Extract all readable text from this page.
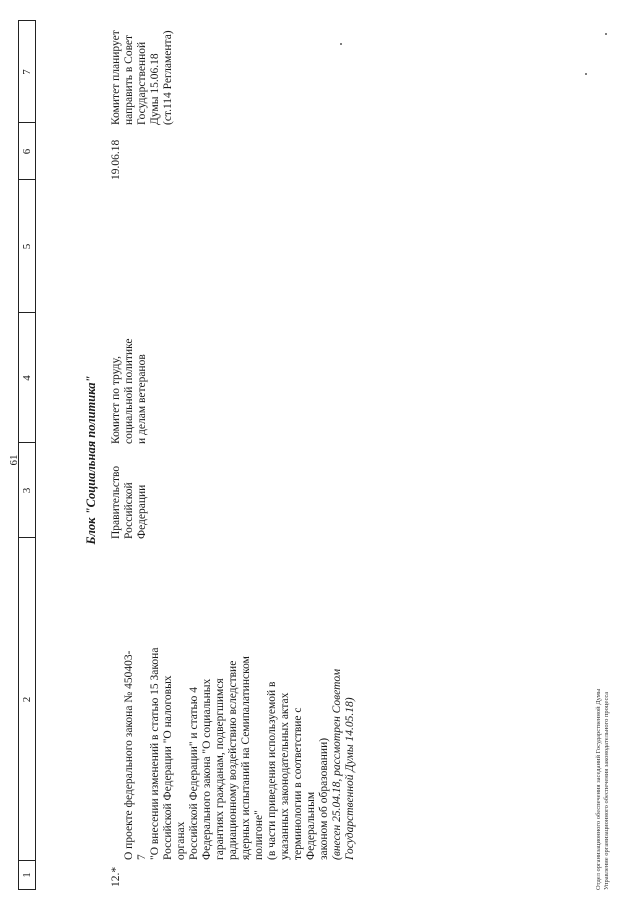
61
1
2
3
4
5
6
7
Блок "Социальная политика"
12.*

О проекте федерального закона № 450403-7
"О внесении изменений в статью 15 Закона
Российской Федерации "О налоговых органах
Российской Федерации" и статью 4
Федерального закона "О социальных
гарантиях гражданам, подвергшимся
радиационному воздействию вследствие
ядерных испытаний на Семипалатинском
полигоне"
(в части приведения используемой в
указанных законодательных актах
терминологии в соответствие с Федеральным
законом об образовании)
(внесен 25.04.18, рассмотрен Советом
Государственной Думы 14.05.18)

Правительство
Российской
Федерации
Комитет по труду,
социальной политике
и делам ветеранов
19.06.18
Комитет планирует
направить в Совет
Государственной
Думы 15.06.18
(ст.114 Регламента)
Отдел организационного обеспечения заседаний Государственной Думы Управление организационного обеспечения законодательного процесса
